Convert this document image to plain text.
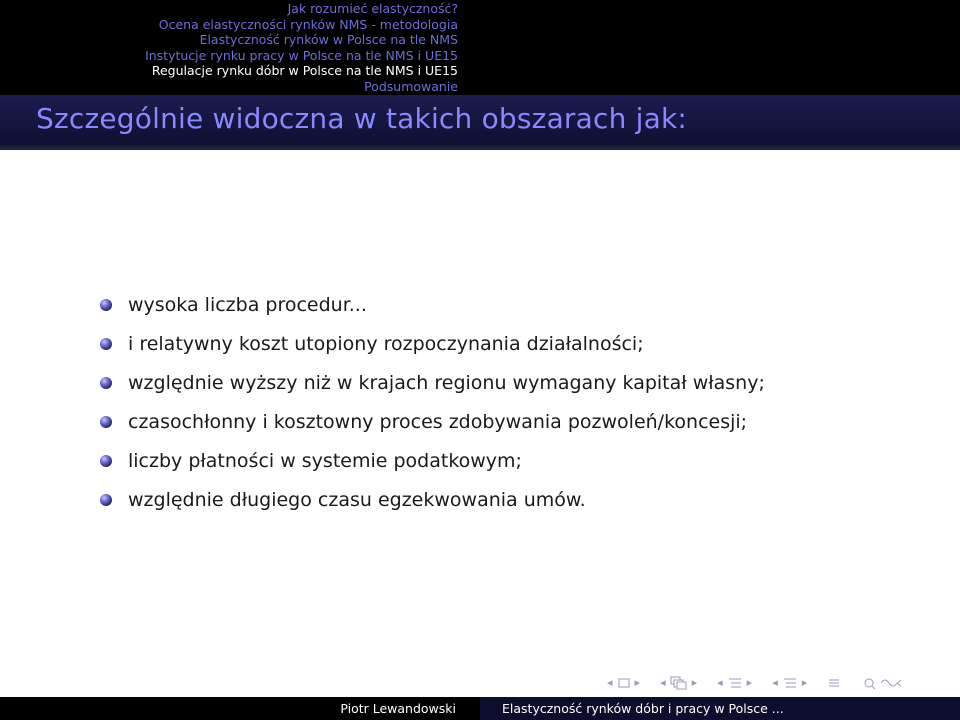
Jak rozumieć elastyczność?
Ocena elastyczności rynków NMS - metodologia
Elastyczność rynków w Polsce na tle NMS
Instytucje rynku pracy w Polsce na tle NMS i UE15
Regulacje rynku dóbr w Polsce na tle NMS i UE15
Podsumowanie
Szczególnie widoczna w takich obszarach jak:
wysoka liczba procedur...
i relatywny koszt utopiony rozpoczynania działalności;
względnie wyższy niż w krajach regionu wymagany kapitał własny;
czasochłonny i kosztowny proces zdobywania pozwoleń/koncesji;
liczby płatności w systemie podatkowym;
względnie długiego czasu egzekwowania umów.
◂ ▸ ◂ ▸ ◂ ▸ ◂ ▸
Piotr Lewandowski	Elastyczność rynków dóbr i pracy w Polsce ...
